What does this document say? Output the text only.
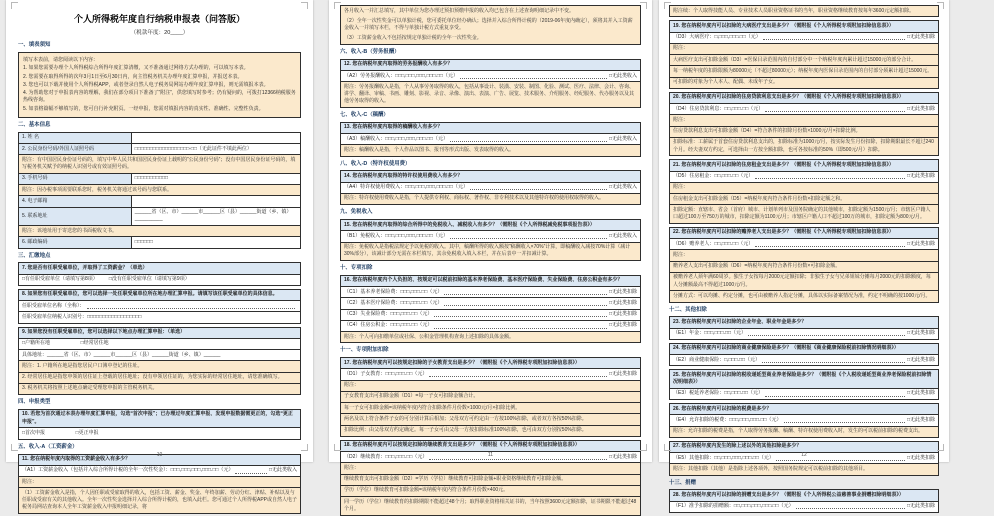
个人所得税年度自行纳税申报表（问答版）
（税款年度：20____）
一、填表须知
填写本表前，请您阅读以下内容：
1. 如果您需要办理个人所得税综合所得年度汇算清缴，又不准备通过网络方式办理的，可以填写本表。
2. 您需要在取得所得的次年3月1日至6月30日内，向主管税务机关办理年度汇算申报，并报送本表。
3. 您也可以下载并使用个人所得税APP，或者登录自然人电子税务局网站办理年度汇算申报，则无需填报本表。
4. 为帮助您对于申报表内容的理解，我们在部分项目下准备了“附注”，供您填写时参考；仍有疑问的，可拨打12366纳税服务热线咨询。
5. 如表格篇幅不够填写的，您可自行补充附页。一经申报，您需对填报内容的真实性、准确性、完整性负责。
二、基本信息
1. 姓 名	
2. 公民身份号码/外国人证照号码	□□□□□□□□□□□□□□□□□□-□□（无此证件不填此两位）
附注：有中国居民身份证号码的，填写中华人民共和国居民身份证上载明的“公民身份号码”；没有中国居民身份证号码的，填写税务机关赋予的纳税人识别号或有效证照号码。	
3. 手机号码	□□□□□□□□□□□
附注：因办税事项需要联系您时，税务机关将通过该号码与您联系。	
4. 电子邮箱	
5. 联系地址	______省（区、市）______市______区（县）______街道（乡、镇）__________
附注：该地址用于寄送您的书面税收文书。	
6. 邮政编码	□□□□□□
三、汇缴地点
7. 您是否有任职受雇单位，并取得了工资薪金？（单选）
□有任职受雇单位（请填写第8项）        □没有任职受雇单位（请填写第9项）
8. 如果您有任职受雇单位，您可以选择一处任职受雇单位所在地办理汇算申报。请填写该任职受雇单位的具体信息。
任职受雇单位名称（全称）：
任职受雇单位纳税人识别号：□□□□□□□□□□□□□□□□□□
9. 如果您没有任职受雇单位，您可以选择以下地点办理汇算申报：（单选）
□户籍所在地                      □经常居住地
具体地址：______省（区、市）______市______区（县）______街道（乡、镇）______
附注：1. 户籍所在地是指您居民户口簿中登记的住址。
2. 经常居住地是指您申领的居住证上登载的居住地址；没有申领居住证的，为您实际的经常居住地址，请您准确填写。
3. 税务机关将按照上述地点确定受理您申报的主管税务机关。
四、申报类型
10. 若您为首次通过本表办理年度汇算申报，勾选“首次申报”；已办理过年度汇算申报、发现申报数据需更正的，勾选“更正申报”。
□首次申报                      □更正申报
五、收入-A（工资薪金）
11. 您在纳税年度内取得的工资薪金收入有多少？
（A1）工资薪金收入（包括并入综合所得计税的全年一次性奖金）：□□□,□□□,□□□,□□□.□□（元）	□无此类收入
附注：
（1）工资薪金收入是指，个人因任职或受雇取得的收入，包括工资、薪金、奖金、年终加薪、劳动分红、津贴、补贴以及与任职或受雇有关的其他收入。全年一次性奖金选择并入综合所得计税的，也填入此栏。您可通过个人所得税APP或自然人电子税务局网站查询本人全年工资薪金收入申报明细记录，将
10
各月收入一并汇总填写，其中单位为您办理过预扣预缴申报的收入均已包含在上述查询明细记录中不变。
（2）全年一次性奖金可以单独计税，您可委托单位经办确认；选择并入综合所得计税的（2019-06年度内确定），须将其并入工资薪金收入一并填写本栏，不得与单独计税方式重复享受。
（3）工资薪金收入不包括按规定单独计税的全年一次性奖金。
六、收入-B（劳务报酬）
12. 您在纳税年度内取得的劳务报酬收入有多少？
（A2）劳务报酬收入：□□□,□□□,□□□,□□□.□□（元）	□无此类收入
附注：劳务报酬收入是指，个人从事劳务取得的收入，包括从事设计、装潢、安装、制图、化验、测试、医疗、法律、会计、咨询、讲学、翻译、审稿、书画、雕刻、影视、录音、录像、演出、表演、广告、展览、技术服务、介绍服务、经纪服务、代办服务以及其他劳务取得的收入。
七、收入-C（稿酬）
13. 您在纳税年度内取得的稿酬收入有多少？
（A3）稿酬收入：□□□,□□□,□□□,□□□.□□（元）	□无此类收入
附注：稿酬收入是指，个人作品以图书、报刊等形式出版、发表取得的收入。
八、收入-D（特许权使用费）
14. 您在纳税年度内取得的特许权使用费收入有多少？
（A4）特许权使用费收入：□□□,□□□,□□□,□□□.□□（元）	□无此类收入
附注：特许权使用费收入是指，个人提供专利权、商标权、著作权、非专利技术以及其他特许权的使用权取得的收入。
九、免税收入
15. 您在纳税年度内取得的综合所得中的免税收入、减税收入有多少？（需附报《个人所得税减免税事项报告表》）
（B1）免税收入：□□□,□□□,□□□,□□□.□□（元）	□无此类收入
附注：免税收入是指税法规定予以免税的收入。其中，稿酬所得的收入额按“稿酬收入×70%”计算，即稿酬收入减按70%计算（减计30%部分），该减计部分无需在本栏填写，其余免税收入填入本栏，并在后表中一并扣减计算。
十、专项扣除
16. 您在纳税年度内个人负担的、按规定可以税前扣除的基本养老保险费、基本医疗保险费、失业保险费、住房公积金有多少？
（C1）基本养老保险费：□□□,□□□.□□（元）	□无此类扣除
（C2）基本医疗保险费：□□□,□□□.□□（元）	□无此类扣除
（C3）失业保险费：□□□,□□□.□□（元）	□无此类扣除
（C4）住房公积金：□□□,□□□.□□（元）	□无此类扣除
附注：个人可向扣缴单位或社保、公积金管理机构查询上述扣除的具体金额。
十一、专项附加扣除
17. 您在纳税年度内可以按规定扣除的子女教育支出是多少？（需附报《个人所得税专项附加扣除信息表》）
（D1）子女教育：□□□,□□□.□□（元）	□无此类扣除
附注：
子女教育支出可扣除金额（D1）=每一子女可扣除金额合计。
每一子女可扣除金额=该纳税年度内符合扣除条件月份数×1000元/月×扣除比例。
两名及以上符合条件子女的可分别计算后相加；父母双方可约定由一方按100%扣除，或者双方各按50%扣除。
扣除比例：由父母双方约定确定。每一子女可由父母一方按扣除标准100%扣除，也可由双方分别按50%扣除。
18. 您在纳税年度内可以按规定扣除的继续教育支出是多少？（需附报《个人所得税专项附加扣除信息表》）
（D2）继续教育：□□□,□□□.□□（元）	□无此类扣除
附注：
继续教育支出可扣除金额（D2）=学历（学位）继续教育可扣除金额+职业资格继续教育可扣除金额。
学历（学位）继续教育可扣除金额=该纳税年度内符合条件月份数×400元。
同一学历（学位）继续教育的扣除期限不能超过48个月；取得职业资格相关证书的，当年按照3600元定额扣除，证书期限不能超过48个月。
11
附注续：个人取得技能人员、专业技术人员职业资格证书的当年，职业资格继续教育按每年3600元定额扣除。
19. 您在纳税年度内可以扣除的大病医疗支出是多少？（需附报《个人所得税专项附加扣除信息表》）
（D3）大病医疗：□,□□□,□□□.□□（元）	□无此类扣除
附注：
大病医疗支出可扣除金额（D3）=医保目录范围内的自付部分中一个纳税年度内累计超过15000元的部分合计。
每一纳税年度的扣除限额为80000元（不超过80000元）；纳税年度内医保目录范围内的自付部分须累计超过15000元。
可扣除的对象为个人本人、配偶、未成年子女。
20. 您在纳税年度内可以扣除的住房贷款利息支出是多少？（需附报《个人所得税专项附加扣除信息表》）
（D4）住房贷款利息：□□,□□□.□□（元）	□无此类扣除
附注：
住房贷款利息支出可扣除金额（D4）=符合条件的扣除月份数×1000元/月×扣除比例。
扣除标准：工薪属于首套住房贷款利息支出的，扣除标准为1000元/月，按实际发生月份扣除，扣除期限最长不超过240个月。经夫妻双方约定，可选择由一方按全额扣除，也可各按标准的50%（即500元/月）扣除。
21. 您在纳税年度内可以扣除的住房租金支出是多少？（需附报《个人所得税专项附加扣除信息表》）
（D5）住房租金：□□,□□□.□□（元）	□无此类扣除
附注：
住房租金支出可扣除金额（D5）=纳税年度内符合条件月份数×扣除定额之和。
扣除定额：直辖市、省会（首府）城市、计划单列市及国务院确定的其他城市，扣除定额为1500元/月；市辖区户籍人口超过100万至750万的城市，扣除定额为1100元/月；市辖区户籍人口不超过100万的城市，扣除定额为800元/月。
22. 您在纳税年度内可以扣除的赡养老人支出是多少？（需附报《个人所得税专项附加扣除信息表》）
（D6）赡养老人：□□,□□□.□□（元）	□无此类扣除
附注：
赡养老人支出可扣除金额（D6）=纳税年度内符合条件月份数×可扣除金额。
被赡养老人须年满60周岁。独生子女按每月2000元定额扣除；非独生子女与兄弟姐妹分摊每月2000元的扣除额度，每人分摊额最高不得超过1000元/月。
分摊方式：可以均摊、约定分摊，也可由被赡养人指定分摊，具体以实际备案情况为准，约定不明确的按1000元/月。
十二、其他扣除
23. 您在纳税年度内可以扣除的企业年金、职业年金是多少？
（E1）年金：□□□,□□□.□□（元）	□无此类扣除
24. 您在纳税年度内可以扣除的商业健康保险是多少？（需附报《商业健康保险税前扣除情况明细表》）
（E2）商业健康保险：□,□□□.□□（元）	□无此类扣除
25. 您在纳税年度内可以扣除的税收递延型商业养老保险是多少？（需附报《个人税收递延型商业养老保险税前扣除情况明细表》）
（E3）税延养老保险：□□,□□□.□□（元）	□无此类扣除
26. 您在纳税年度内可以扣除的税费是多少？
（E4）允许扣除的税费：□□□,□□□,□□□.□□（元）	□无此类扣除
附注：允许扣除的税费是指，个人取得劳务报酬、稿酬、特许权使用费收入时，发生的可以税前扣除的税费支出。
27. 您在纳税年度内发生的除上述以外的其他扣除是多少？
（E5）其他扣除：□□,□□□,□□□,□□□.□□（元）	□无此类扣除
附注：其他扣除（其他）是指除上述各项外，按照国务院规定可以税前扣除的其他项目。
十三、捐赠
28. 您在纳税年度内可以扣除的捐赠支出是多少？（需附报《个人所得税公益慈善事业捐赠扣除明细表》）
（F1）准予扣除的捐赠额：□□,□□□,□□□,□□□.□□（元）	□无此类扣除
12
